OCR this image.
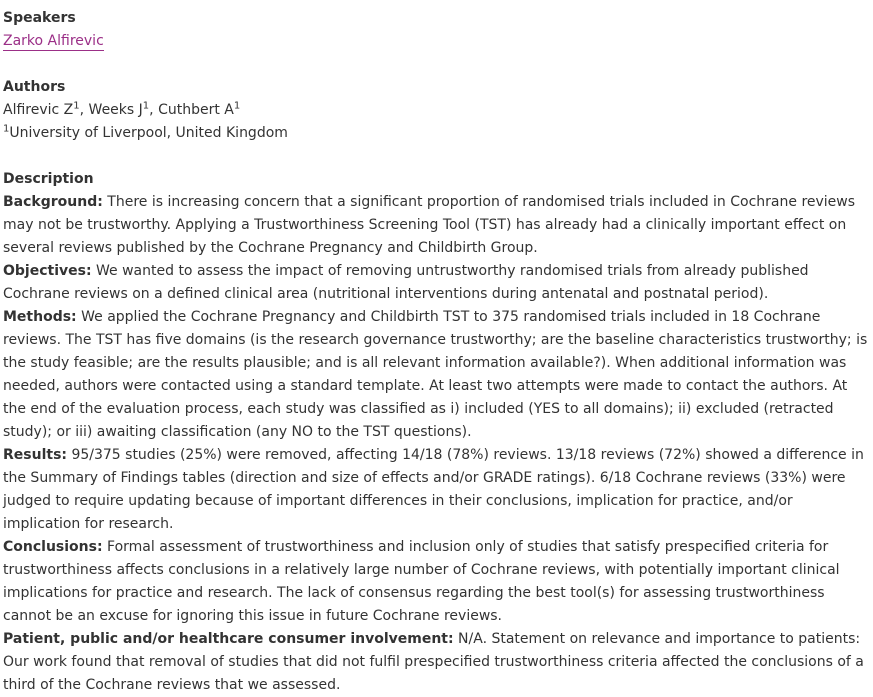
Speakers
Zarko Alfirevic
Authors
Alfirevic $Z^1$, Weeks $J^1$, Cuthbert $A^1$
$^1$University of Liverpool, United Kingdom
Description

Background: There is increasing concern that a significant proportion of randomised trials included in Cochrane reviews may not be trustworthy. Applying a Trustworthiness Screening Tool (TST) has already had a clinically important effect on several reviews published by the Cochrane Pregnancy and Childbirth Group.

Objectives: We wanted to assess the impact of removing untrustworthy randomised trials from already published Cochrane reviews on a defined clinical area (nutritional interventions during antenatal and postnatal period).

Methods: We applied the Cochrane Pregnancy and Childbirth TST to 375 randomised trials included in 18 Cochrane reviews. The TST has five domains (is the research governance trustworthy; are the baseline characteristics trustworthy; is the study feasible; are the results plausible; and is all relevant information available?). When additional information was needed, authors were contacted using a standard template. At least two attempts were made to contact the authors. At the end of the evaluation process, each study was classified as i) included (YES to all domains); ii) excluded (retracted study); or iii) awaiting classification (any NO to the TST questions).

Results: 95/375 studies (25%) were removed, affecting 14/18 (78%) reviews. 13/18 reviews (72%) showed a difference in the Summary of Findings tables (direction and size of effects and/or GRADE ratings). 6/18 Cochrane reviews (33%) were judged to require updating because of important differences in their conclusions, implication for practice, and/or implication for research.

Conclusions: Formal assessment of trustworthiness and inclusion only of studies that satisfy prespecified criteria for trustworthiness affects conclusions in a relatively large number of Cochrane reviews, with potentially important clinical implications for practice and research. The lack of consensus regarding the best tool(s) for assessing trustworthiness cannot be an excuse for ignoring this issue in future Cochrane reviews.

Patient, public and/or healthcare consumer involvement: N/A. Statement on relevance and importance to patients: Our work found that removal of studies that did not fulfil prespecified trustworthiness criteria affected the conclusions of a third of the Cochrane reviews that we assessed.
